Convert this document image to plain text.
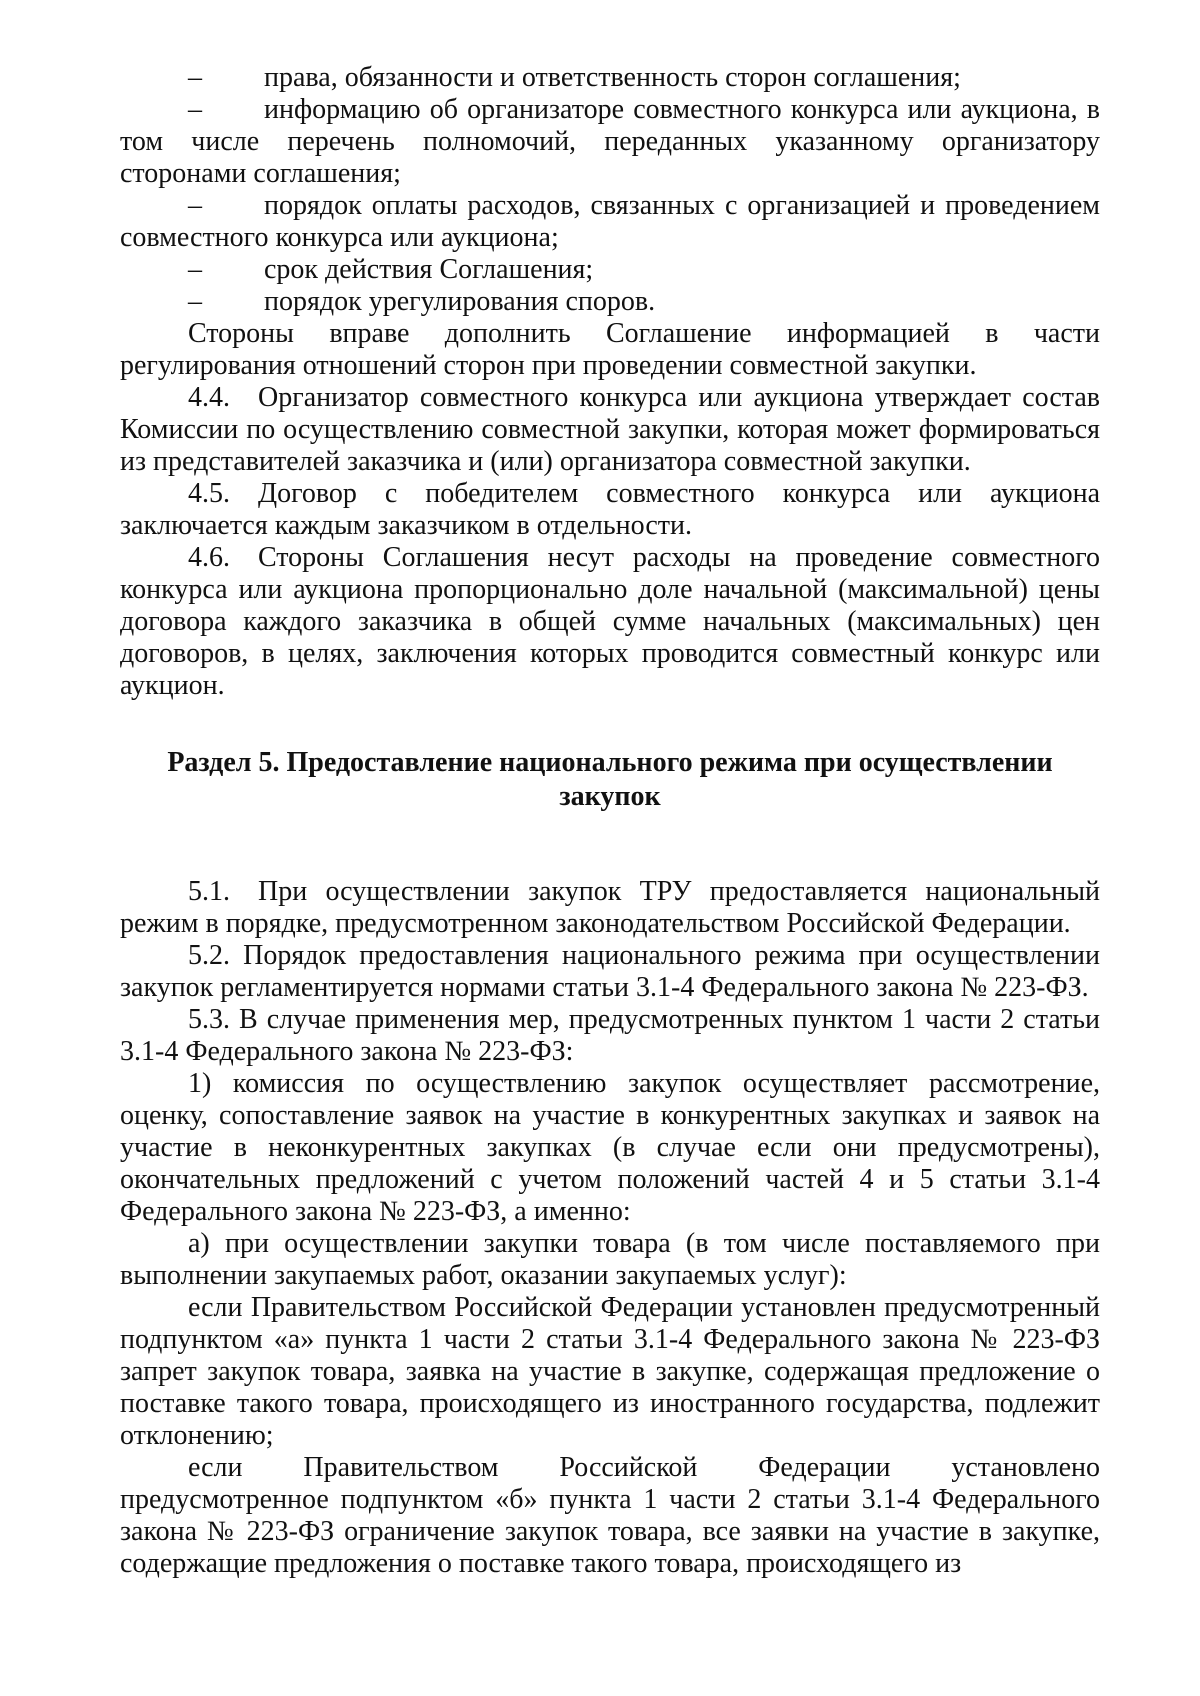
– права, обязанности и ответственность сторон соглашения;

– информацию об организаторе совместного конкурса или аукциона, в том числе перечень полномочий, переданных указанному организатору сторонами соглашения;

– порядок оплаты расходов, связанных с организацией и проведением совместного конкурса или аукциона;

– срок действия Соглашения;

– порядок урегулирования споров.

Стороны вправе дополнить Соглашение информацией в части регулирования отношений сторон при проведении совместной закупки.

4.4. Организатор совместного конкурса или аукциона утверждает состав Комиссии по осуществлению совместной закупки, которая может формироваться из представителей заказчика и (или) организатора совместной закупки.

4.5. Договор с победителем совместного конкурса или аукциона заключается каждым заказчиком в отдельности.

4.6. Стороны Соглашения несут расходы на проведение совместного конкурса или аукциона пропорционально доле начальной (максимальной) цены договора каждого заказчика в общей сумме начальных (максимальных) цен договоров, в целях, заключения которых проводится совместный конкурс или аукцион.

Раздел 5. Предоставление национального режима при осуществлении
закупок

5.1. При осуществлении закупок ТРУ предоставляется национальный режим в порядке, предусмотренном законодательством Российской Федерации.

5.2. Порядок предоставления национального режима при осуществлении закупок регламентируется нормами статьи 3.1-4 Федерального закона № 223-ФЗ.

5.3. В случае применения мер, предусмотренных пунктом 1 части 2 статьи 3.1-4 Федерального закона № 223-ФЗ:

1) комиссия по осуществлению закупок осуществляет рассмотрение, оценку, сопоставление заявок на участие в конкурентных закупках и заявок на участие в неконкурентных закупках (в случае если они предусмотрены), окончательных предложений с учетом положений частей 4 и 5 статьи 3.1-4 Федерального закона № 223-ФЗ, а именно:

а) при осуществлении закупки товара (в том числе поставляемого при выполнении закупаемых работ, оказании закупаемых услуг):

если Правительством Российской Федерации установлен предусмотренный подпунктом «а» пункта 1 части 2 статьи 3.1-4 Федерального закона № 223-ФЗ запрет закупок товара, заявка на участие в закупке, содержащая предложение о поставке такого товара, происходящего из иностранного государства, подлежит отклонению;

если Правительством Российской Федерации установлено предусмотренное подпунктом «б» пункта 1 части 2 статьи 3.1-4 Федерального закона № 223-ФЗ ограничение закупок товара, все заявки на участие в закупке, содержащие предложения о поставке такого товара, происходящего из
